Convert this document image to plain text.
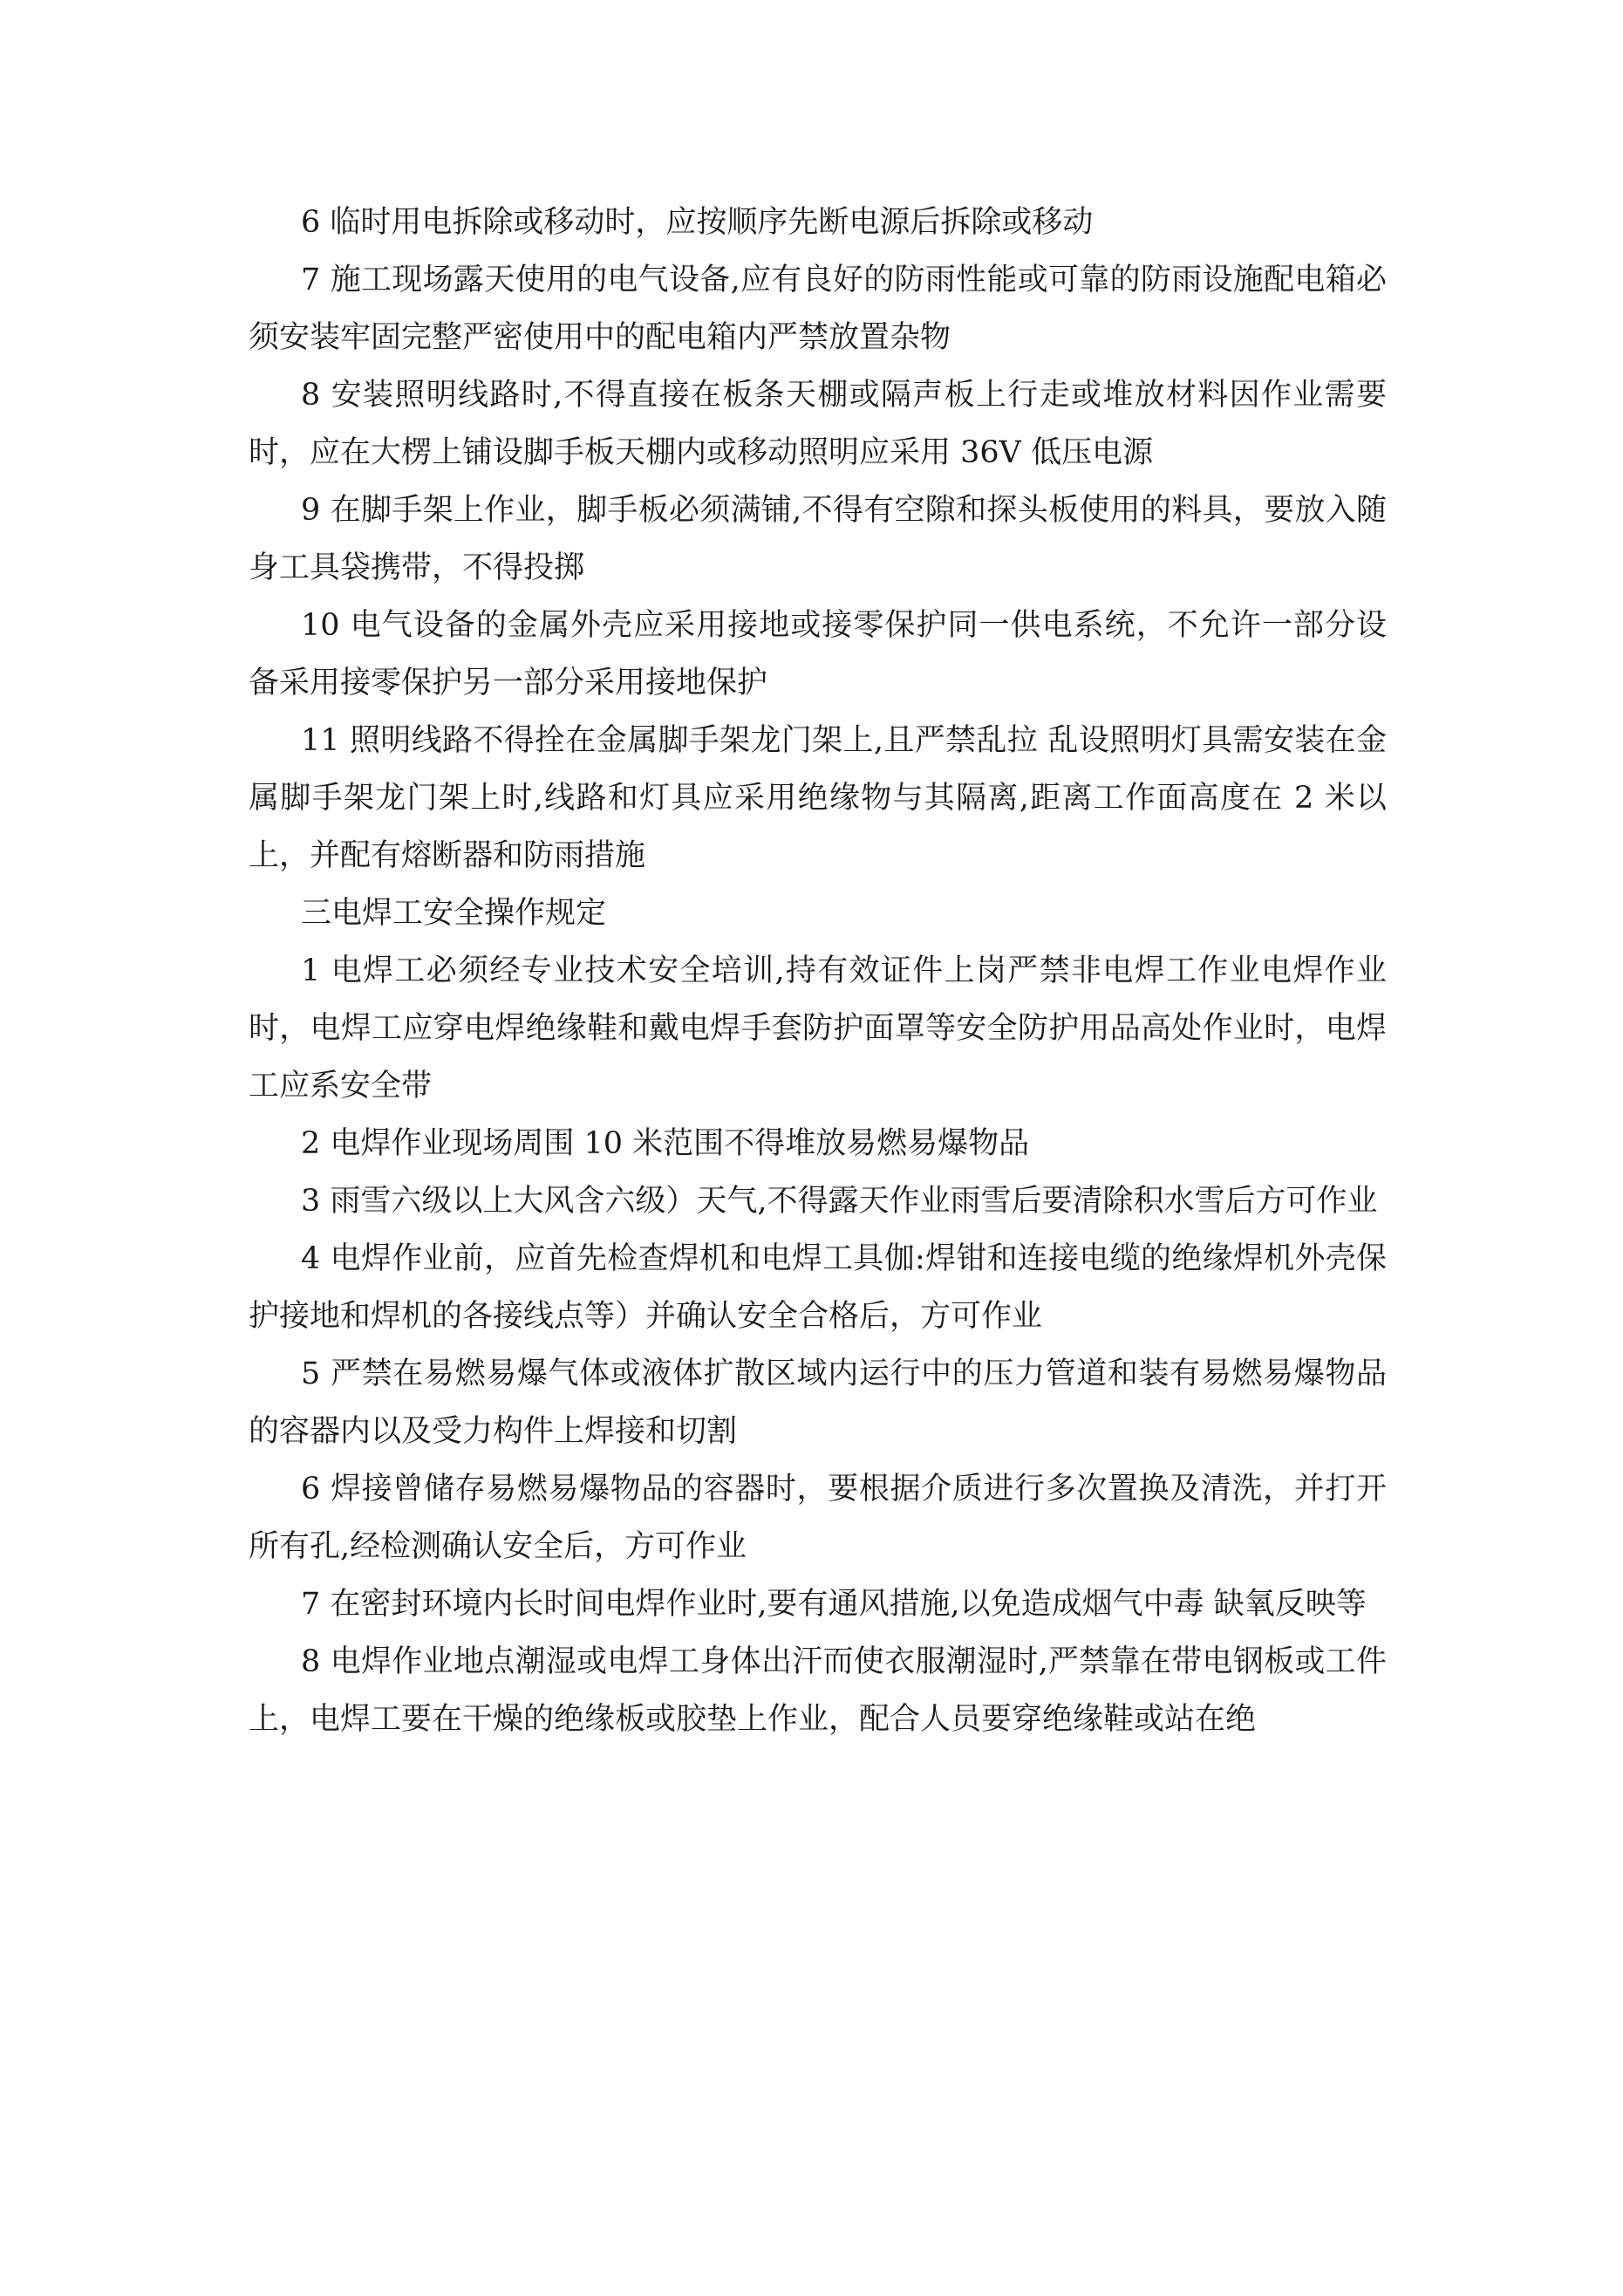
6 临时用电拆除或移动时，应按顺序先断电源后拆除或移动

7 施工现场露天使用的电气设备,应有良好的防雨性能或可靠的防雨设施配电箱必须安装牢固完整严密使用中的配电箱内严禁放置杂物

8 安装照明线路时,不得直接在板条天棚或隔声板上行走或堆放材料因作业需要时，应在大楞上铺设脚手板天棚内或移动照明应采用 36V 低压电源

9 在脚手架上作业，脚手板必须满铺,不得有空隙和探头板使用的料具，要放入随身工具袋携带，不得投掷

10 电气设备的金属外壳应采用接地或接零保护同一供电系统，不允许一部分设备采用接零保护另一部分采用接地保护

11 照明线路不得拴在金属脚手架龙门架上,且严禁乱拉 乱设照明灯具需安装在金属脚手架龙门架上时,线路和灯具应采用绝缘物与其隔离,距离工作面高度在 2 米以上，并配有熔断器和防雨措施

三电焊工安全操作规定

1 电焊工必须经专业技术安全培训,持有效证件上岗严禁非电焊工作业电焊作业时，电焊工应穿电焊绝缘鞋和戴电焊手套防护面罩等安全防护用品高处作业时，电焊工应系安全带

2 电焊作业现场周围 10 米范围不得堆放易燃易爆物品

3 雨雪六级以上大风含六级）天气,不得露天作业雨雪后要清除积水雪后方可作业

4 电焊作业前，应首先检查焊机和电焊工具伽:焊钳和连接电缆的绝缘焊机外壳保护接地和焊机的各接线点等）并确认安全合格后，方可作业

5 严禁在易燃易爆气体或液体扩散区域内运行中的压力管道和装有易燃易爆物品的容器内以及受力构件上焊接和切割

6 焊接曾储存易燃易爆物品的容器时，要根据介质进行多次置换及清洗，并打开所有孔,经检测确认安全后，方可作业

7 在密封环境内长时间电焊作业时,要有通风措施,以免造成烟气中毒 缺氧反映等

8 电焊作业地点潮湿或电焊工身体出汗而使衣服潮湿时,严禁靠在带电钢板或工件上，电焊工要在干燥的绝缘板或胶垫上作业，配合人员要穿绝缘鞋或站在绝
